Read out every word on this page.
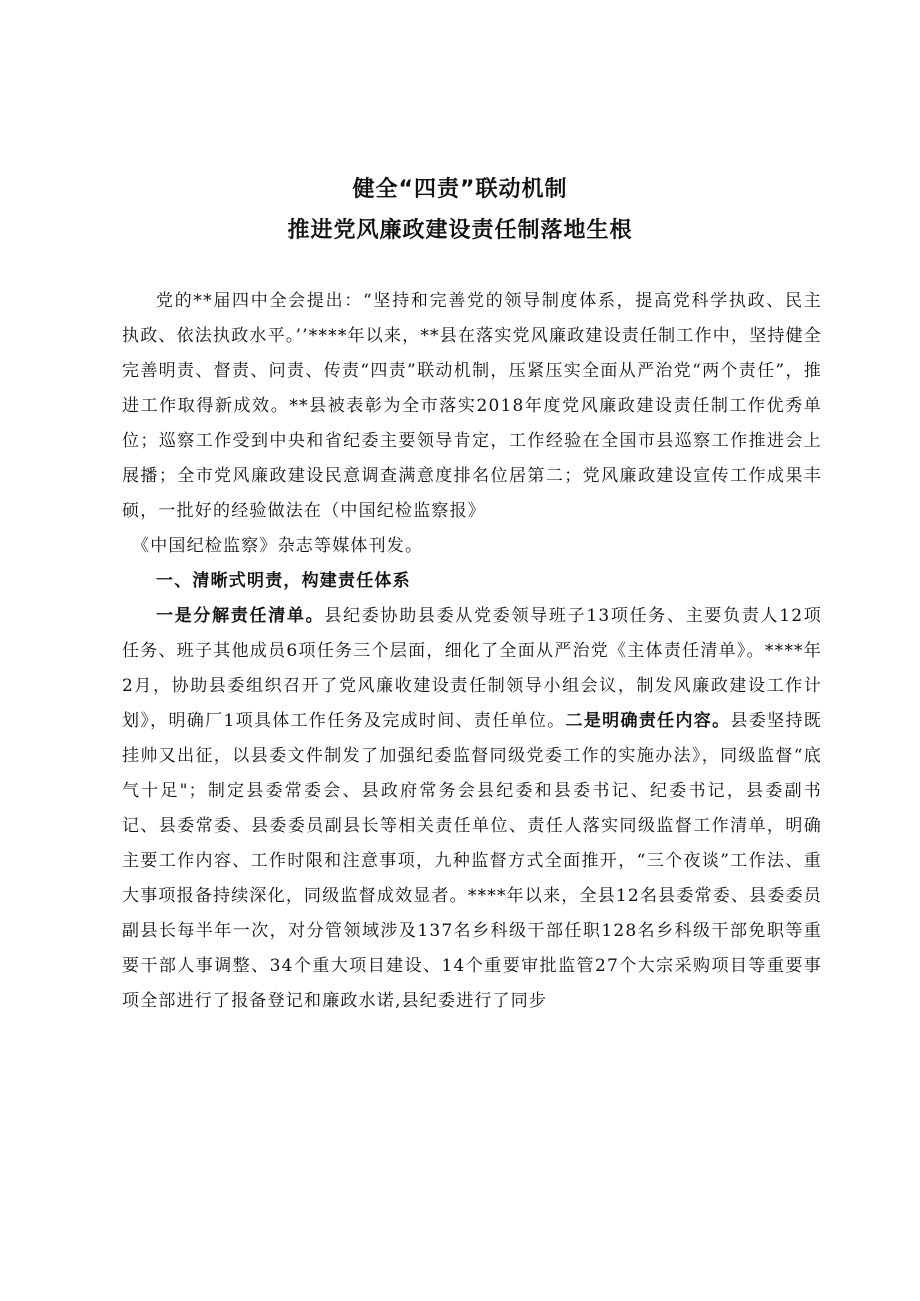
健全“四责”联动机制
推进党风廉政建设责任制落地生根

党的**届四中全会提出：“坚持和完善党的领导制度体系，提高党科学执政、民主执政、依法执政水平。’’****年以来，**县在落实党风廉政建设责任制工作中，坚持健全完善明责、督责、问责、传责“四责”联动机制，压紧压实全面从严治党“两个责任”，推进工作取得新成效。**县被表彰为全市落实2018年度党风廉政建设责任制工作优秀单位；巡察工作受到中央和省纪委主要领导肯定，工作经验在全国市县巡察工作推进会上展播；全市党风廉政建设民意调查满意度排名位居第二；党风廉政建设宣传工作成果丰硕，一批好的经验做法在（中国纪检监察报》

《中国纪检监察》杂志等媒体刊发。

一、清晰式明责，构建责任体系

一是分解责任清单。县纪委协助县委从党委领导班子13项任务、主要负责人12项任务、班子其他成员6项任务三个层面，细化了全面从严治党《主体责任清单》。****年2月，协助县委组织召开了党风廉收建设责任制领导小组会议，制发风廉政建设工作计划》，明确厂1项具体工作任务及完成时间、责任单位。二是明确责任内容。县委坚持既挂帅又出征，以县委文件制发了加强纪委监督同级党委工作的实施办法》，同级监督“底气十足"；制定县委常委会、县政府常务会县纪委和县委书记、纪委书记，县委副书记、县委常委、县委委员副县长等相关责任单位、责任人落实同级监督工作清单，明确主要工作内容、工作时限和注意事项，九种监督方式全面推开，“三个夜谈”工作法、重大事项报备持续深化，同级监督成效显者。****年以来，全县12名县委常委、县委委员副县长每半年一次，对分管领域涉及137名乡科级干部任职128名乡科级干部免职等重要干部人事调整、34个重大项目建设、14个重要审批监管27个大宗采购项目等重要事项全部进行了报备登记和廉政水诺,县纪委进行了同步
